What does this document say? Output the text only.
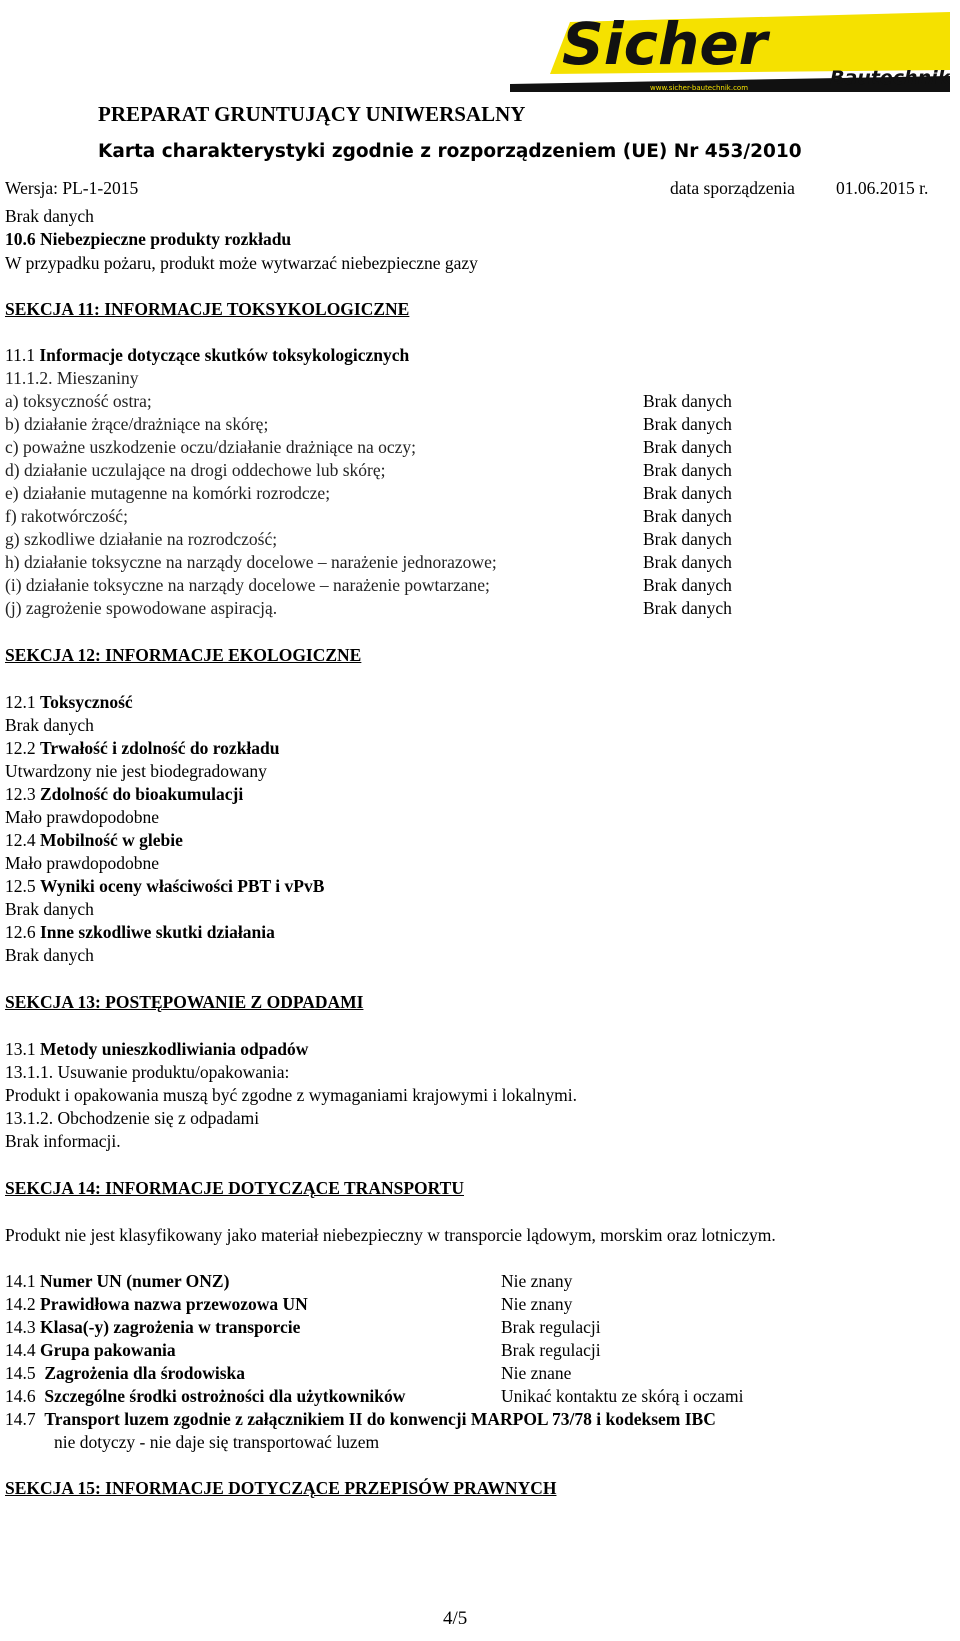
Sicher	Bautechnik
www.sicher-bautechnik.com
PREPARAT GRUNTUJĄCY UNIWERSALNY
Karta charakterystyki zgodnie z rozporządzeniem (UE) Nr 453/2010
Wersja: PL-1-2015	data sporządzenia 01.06.2015 r.
Brak danych
10.6 Niebezpieczne produkty rozkładu
W przypadku pożaru, produkt może wytwarzać niebezpieczne gazy
SEKCJA 11: INFORMACJE TOKSYKOLOGICZNE
11.1 Informacje dotyczące skutków toksykologicznych
11.1.2. Mieszaniny
a) toksyczność ostra;	Brak danych
b) działanie żrące/drażniące na skórę;	Brak danych
c) poważne uszkodzenie oczu/działanie drażniące na oczy;	Brak danych
d) działanie uczulające na drogi oddechowe lub skórę;	Brak danych
e) działanie mutagenne na komórki rozrodcze;	Brak danych
f) rakotwórczość;	Brak danych
g) szkodliwe działanie na rozrodczość;	Brak danych
h) działanie toksyczne na narządy docelowe – narażenie jednorazowe;	Brak danych
(i) działanie toksyczne na narządy docelowe – narażenie powtarzane;	Brak danych
(j) zagrożenie spowodowane aspiracją.	Brak danych
SEKCJA 12: INFORMACJE EKOLOGICZNE
12.1 Toksyczność
Brak danych
12.2 Trwałość i zdolność do rozkładu
Utwardzony nie jest biodegradowany
12.3 Zdolność do bioakumulacji
Mało prawdopodobne
12.4 Mobilność w glebie
Mało prawdopodobne
12.5 Wyniki oceny właściwości PBT i vPvB
Brak danych
12.6 Inne szkodliwe skutki działania
Brak danych
SEKCJA 13: POSTĘPOWANIE Z ODPADAMI
13.1 Metody unieszkodliwiania odpadów
13.1.1. Usuwanie produktu/opakowania:
Produkt i opakowania muszą być zgodne z wymaganiami krajowymi i lokalnymi.
13.1.2. Obchodzenie się z odpadami
Brak informacji.
SEKCJA 14: INFORMACJE DOTYCZĄCE TRANSPORTU
Produkt nie jest klasyfikowany jako materiał niebezpieczny w transporcie lądowym, morskim oraz lotniczym.
14.1 Numer UN (numer ONZ)	Nie znany
14.2 Prawidłowa nazwa przewozowa UN	Nie znany
14.3 Klasa(-y) zagrożenia w transporcie	Brak regulacji
14.4 Grupa pakowania	Brak regulacji
14.5 Zagrożenia dla środowiska	Nie znane
14.6 Szczególne środki ostrożności dla użytkowników	Unikać kontaktu ze skórą i oczami
14.7 Transport luzem zgodnie z załącznikiem II do konwencji MARPOL 73/78 i kodeksem IBC
nie dotyczy - nie daje się transportować luzem
SEKCJA 15: INFORMACJE DOTYCZĄCE PRZEPISÓW PRAWNYCH
4/5
